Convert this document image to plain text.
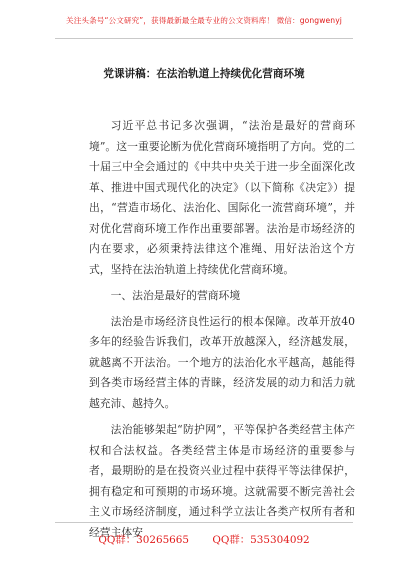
关注头条号“公文研究”，获得最新最全最专业的公文资料库！ 微信：gongwenyj
党课讲稿：在法治轨道上持续优化营商环境

习近平总书记多次强调，“法治是最好的营商环境”。这一重要论断为优化营商环境指明了方向。党的二十届三中全会通过的《中共中央关于进一步全面深化改革、推进中国式现代化的决定》（以下简称《决定》）提出，“营造市场化、法治化、国际化一流营商环境”，并对优化营商环境工作作出重要部署。法治是市场经济的内在要求，必须秉持法律这个准绳、用好法治这个方式，坚持在法治轨道上持续优化营商环境。

一、法治是最好的营商环境

法治是市场经济良性运行的根本保障。改革开放40多年的经验告诉我们，改革开放越深入，经济越发展，就越离不开法治。一个地方的法治化水平越高，越能得到各类市场经营主体的青睐，经济发展的动力和活力就越充沛、越持久。

法治能够架起“防护网”，平等保护各类经营主体产权和合法权益。各类经营主体是市场经济的重要参与者，最期盼的是在投资兴业过程中获得平等法律保护，拥有稳定和可预期的市场环境。这就需要不断完善社会主义市场经济制度，通过科学立法让各类产权所有者和经营主体安

QQ群：30265665 QQ群：535304092
